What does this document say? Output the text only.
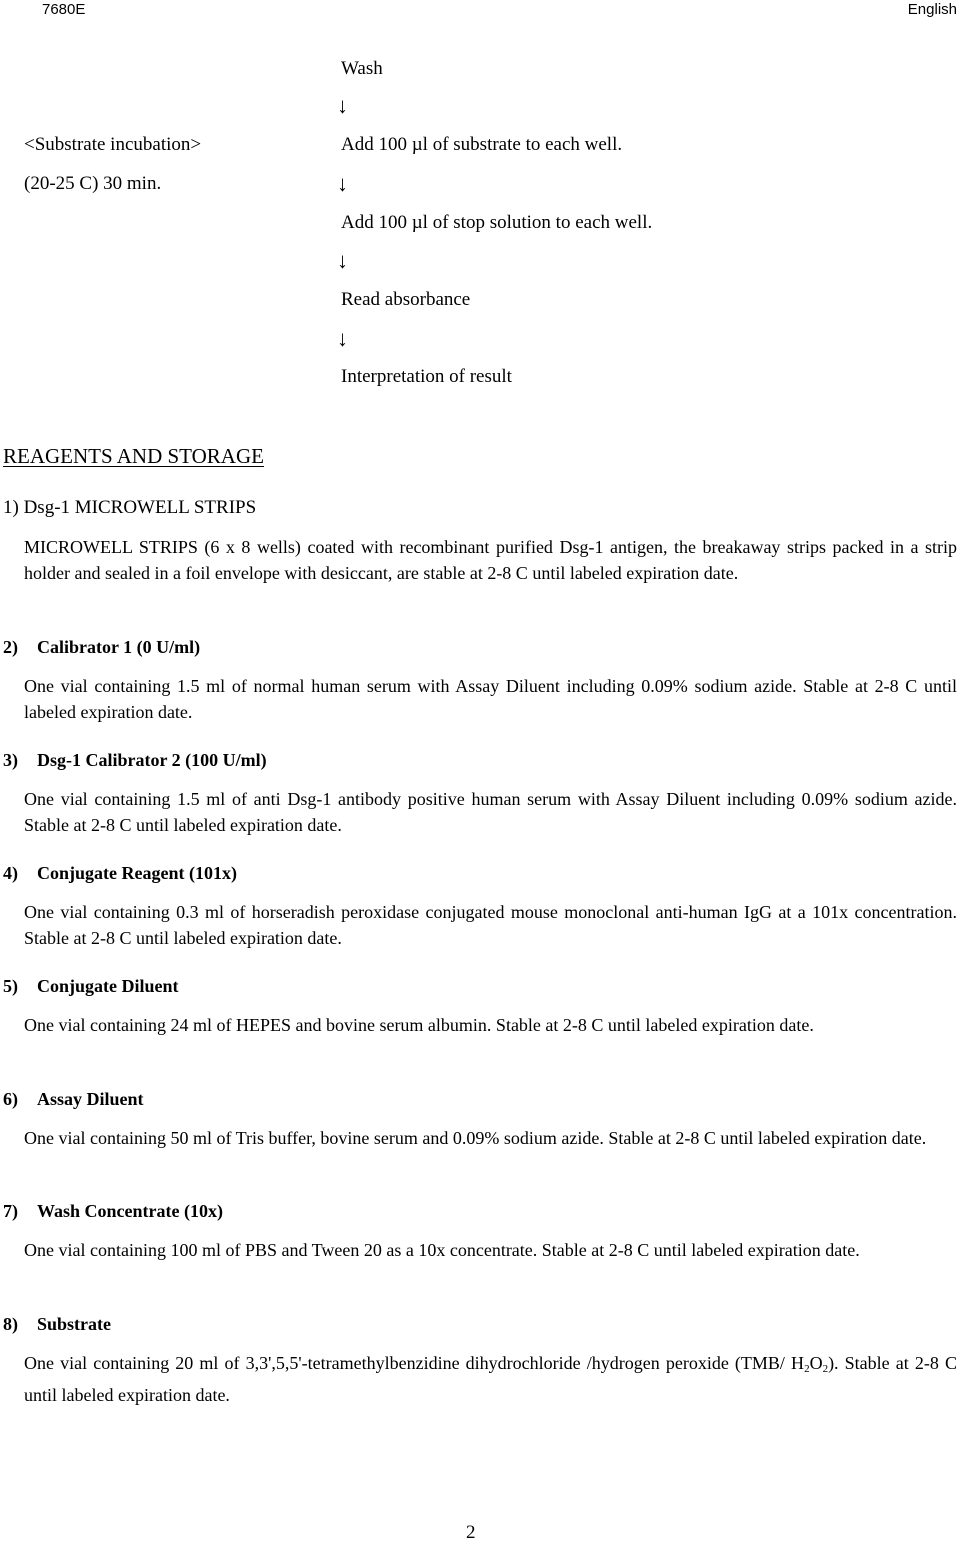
7680E	English
Wash
↓
<Substrate incubation>	Add 100 µl of substrate to each well.
(20-25 C) 30 min.	↓
Add 100 µl of stop solution to each well.
↓
Read absorbance
↓
Interpretation of result
REAGENTS AND STORAGE
1) Dsg-1 MICROWELL STRIPS
MICROWELL STRIPS (6 x 8 wells) coated with recombinant purified Dsg-1 antigen, the breakaway strips packed in a strip holder and sealed in a foil envelope with desiccant, are stable at 2-8 C until labeled expiration date.
2) Calibrator 1 (0 U/ml)
One vial containing 1.5 ml of normal human serum with Assay Diluent including 0.09% sodium azide. Stable at 2-8 C until labeled expiration date.
3) Dsg-1 Calibrator 2 (100 U/ml)
One vial containing 1.5 ml of anti Dsg-1 antibody positive human serum with Assay Diluent including 0.09% sodium azide. Stable at 2-8 C until labeled expiration date.
4) Conjugate Reagent (101x)
One vial containing 0.3 ml of horseradish peroxidase conjugated mouse monoclonal anti-human IgG at a 101x concentration. Stable at 2-8 C until labeled expiration date.
5) Conjugate Diluent
One vial containing 24 ml of HEPES and bovine serum albumin. Stable at 2-8 C until labeled expiration date.
6) Assay Diluent
One vial containing 50 ml of Tris buffer, bovine serum and 0.09% sodium azide. Stable at 2-8 C until labeled expiration date.
7) Wash Concentrate (10x)
One vial containing 100 ml of PBS and Tween 20 as a 10x concentrate. Stable at 2-8 C until labeled expiration date.
8) Substrate
One vial containing 20 ml of 3,3',5,5'-tetramethylbenzidine dihydrochloride /hydrogen peroxide (TMB/ $H_2O_2$). Stable at 2-8 C until labeled expiration date.
2
